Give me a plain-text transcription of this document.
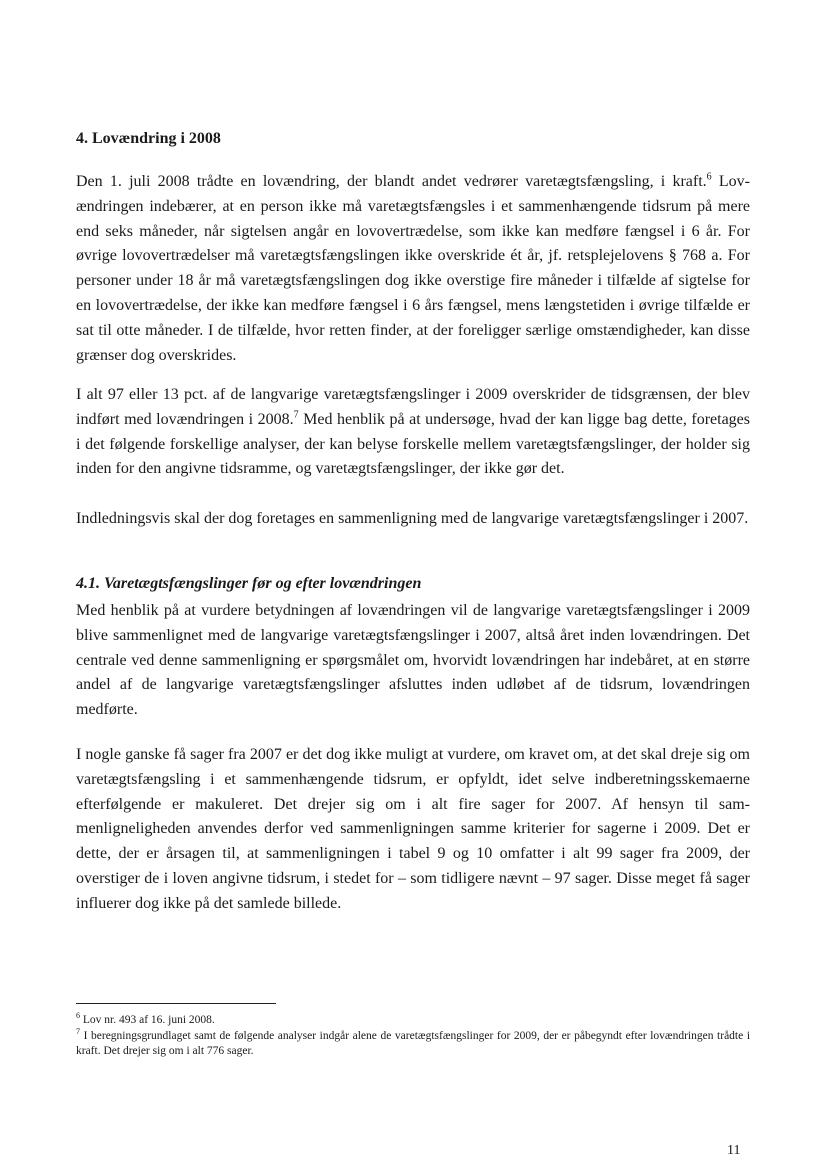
4. Lovændring i 2008

Den 1. juli 2008 trådte en lovændring, der blandt andet vedrører varetægtsfængsling, i kraft.$^6$ Lovændringen indebærer, at en person ikke må varetægtsfængsles i et sammenhængende tidsrum på mere end seks måneder, når sigtelsen angår en lovovertrædelse, som ikke kan medføre fængsel i 6 år. For øvrige lovovertrædelser må varetægtsfængslingen ikke overskride ét år, jf. retsplejelovens § 768 a. For personer under 18 år må varetægtsfængslingen dog ikke overstige fire måneder i tilfælde af sigtelse for en lovovertrædelse, der ikke kan medføre fængsel i 6 års fængsel, mens længstetiden i øvrige tilfælde er sat til otte måneder. I de tilfælde, hvor retten finder, at der foreligger særlige omstændigheder, kan disse grænser dog overskrides.

I alt 97 eller 13 pct. af de langvarige varetægtsfængslinger i 2009 overskrider de tidsgrænsen, der blev indført med lovændringen i 2008.$^7$ Med henblik på at undersøge, hvad der kan ligge bag dette, foretages i det følgende forskellige analyser, der kan belyse forskelle mellem varetægtsfængslinger, der holder sig inden for den angivne tidsramme, og varetægtsfængslinger, der ikke gør det.

Indledningsvis skal der dog foretages en sammenligning med de langvarige varetægtsfængslinger i 2007.

4.1. Varetægtsfængslinger før og efter lovændringen

Med henblik på at vurdere betydningen af lovændringen vil de langvarige varetægtsfængslinger i 2009 blive sammenlignet med de langvarige varetægtsfængslinger i 2007, altså året inden lovændringen. Det centrale ved denne sammenligning er spørgsmålet om, hvorvidt lovændringen har indebåret, at en større andel af de langvarige varetægtsfængslinger afsluttes inden udløbet af de tidsrum, lovændringen medførte.

I nogle ganske få sager fra 2007 er det dog ikke muligt at vurdere, om kravet om, at det skal dreje sig om varetægtsfængsling i et sammenhængende tidsrum, er opfyldt, idet selve indberetningsskemaerne efterfølgende er makuleret. Det drejer sig om i alt fire sager for 2007. Af hensyn til sammenligneligheden anvendes derfor ved sammenligningen samme kriterier for sagerne i 2009. Det er dette, der er årsagen til, at sammenligningen i tabel 9 og 10 omfatter i alt 99 sager fra 2009, der overstiger de i loven angivne tidsrum, i stedet for – som tidligere nævnt – 97 sager. Disse meget få sager influerer dog ikke på det samlede billede.

$^6$ Lov nr. 493 af 16. juni 2008.

$^7$ I beregningsgrundlaget samt de følgende analyser indgår alene de varetægtsfængslinger for 2009, der er påbegyndt efter lovændringen trådte i kraft. Det drejer sig om i alt 776 sager.

11
